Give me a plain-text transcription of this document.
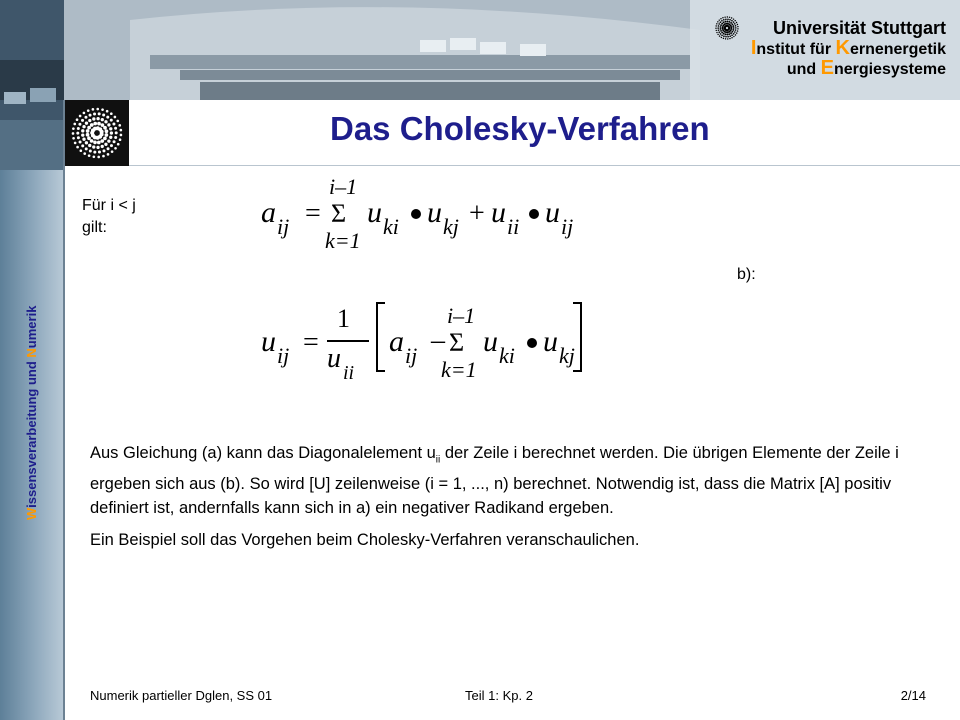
Wissensverarbeitung und Numerik
Universität Stuttgart
Institut für Kernenergetik
und Energiesysteme
Das Cholesky-Verfahren
Für i < j
gilt:	a ij =
i–1
Σ
k=1
u ki u kj + u ii u ij
b):
u ij =
1
u ii
a ij –
i–1
Σ
k=1
u ki u kj

Aus Gleichung (a) kann das Diagonalelement $u_{ii}$ der Zeile i berechnet werden. Die übrigen Elemente der Zeile i ergeben sich aus (b). So wird [U] zeilenweise (i = 1, ..., n) berechnet. Notwendig ist, dass die Matrix [A] positiv definiert ist, andernfalls kann sich in a) ein negativer Radikand ergeben.

Ein Beispiel soll das Vorgehen beim Cholesky-Verfahren veranschaulichen.

Numerik partieller Dglen, SS 01	Teil 1: Kp. 2	2/14
